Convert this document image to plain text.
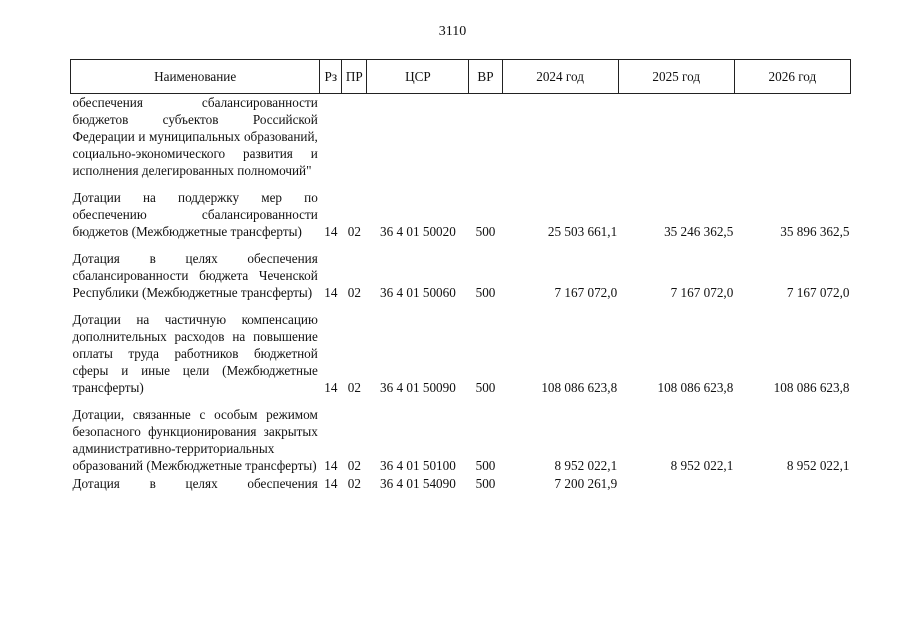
3110
Наименование	Рз	ПР	ЦСР	ВР	2024 год	2025 год	2026 год
обеспечения сбалансированности бюджетов субъектов Российской Федерации и муниципальных образований, социально-экономического развития и исполнения делегированных полномочий"							
Дотации на поддержку мер по обеспечению сбалансированности бюджетов (Межбюджетные трансферты)	14	02	36 4 01 50020	500	25 503 661,1	35 246 362,5	35 896 362,5
Дотация в целях обеспечения сбалансированности бюджета Чеченской Республики (Межбюджетные трансферты)	14	02	36 4 01 50060	500	7 167 072,0	7 167 072,0	7 167 072,0
Дотации на частичную компенсацию дополнительных расходов на повышение оплаты труда работников бюджетной сферы и иные цели (Межбюджетные трансферты)	14	02	36 4 01 50090	500	108 086 623,8	108 086 623,8	108 086 623,8
Дотации, связанные с особым режимом безопасного функционирования закрытых административно-территориальных образований (Межбюджетные трансферты)	14	02	36 4 01 50100	500	8 952 022,1	8 952 022,1	8 952 022,1

Дотация в целях обеспечения	14	02	36 4 01 54090	500	7 200 261,9		
